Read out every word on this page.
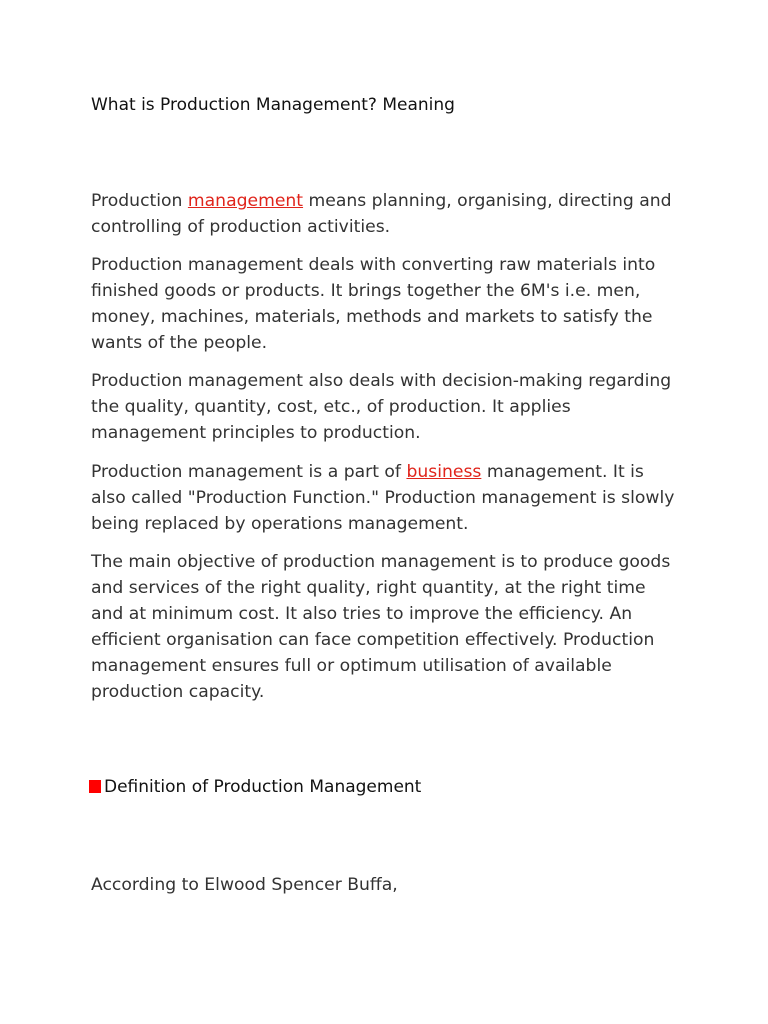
What is Production Management? Meaning

Production management means planning, organising, directing and controlling of production activities.

Production management deals with converting raw materials into finished goods or products. It brings together the 6M's i.e. men, money, machines, materials, methods and markets to satisfy the wants of the people.

Production management also deals with decision-making regarding the quality, quantity, cost, etc., of production. It applies management principles to production.

Production management is a part of business management. It is also called "Production Function." Production management is slowly being replaced by operations management.

The main objective of production management is to produce goods and services of the right quality, right quantity, at the right time and at minimum cost. It also tries to improve the efficiency. An efficient organisation can face competition effectively. Production management ensures full or optimum utilisation of available production capacity.

Definition of Production Management
According to Elwood Spencer Buffa,
